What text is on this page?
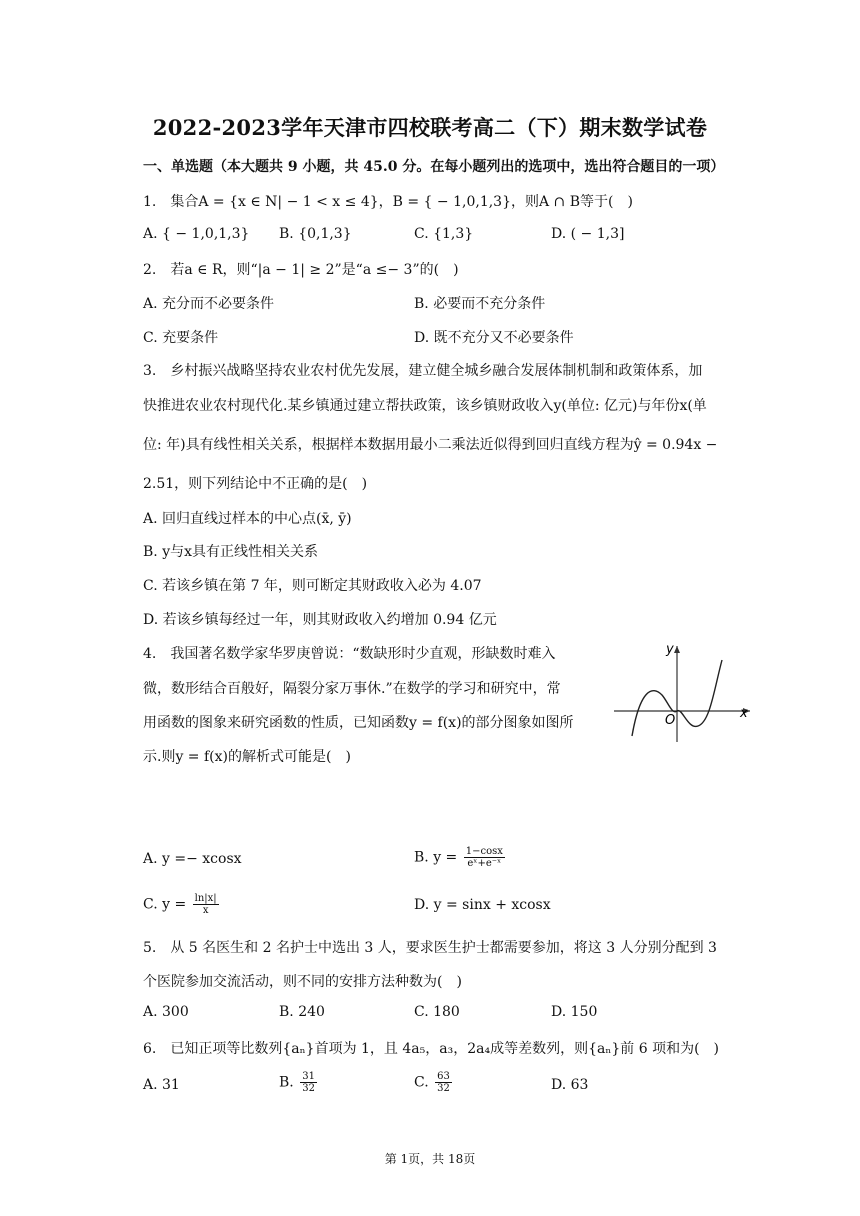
2022-2023学年天津市四校联考高二（下）期末数学试卷
一、单选题（本大题共 9 小题，共 45.0 分。在每小题列出的选项中，选出符合题目的一项）
1.　集合A = {x ∈ N| − 1 < x ≤ 4}，B = { − 1,0,1,3}，则A ∩ B等于(　)
A. { − 1,0,1,3} B. {0,1,3}	C. {1,3}	D. ( − 1,3]
2.　若a ∈ R，则“|a − 1| ≥ 2”是“a ≤− 3”的(　)
A. 充分而不必要条件	B. 必要而不充分条件
C. 充要条件	D. 既不充分又不必要条件
3.　乡村振兴战略坚持农业农村优先发展，建立健全城乡融合发展体制机制和政策体系，加
快推进农业农村现代化.某乡镇通过建立帮扶政策，该乡镇财政收入y(单位: 亿元)与年份x(单
位: 年)具有线性相关关系，根据样本数据用最小二乘法近似得到回归直线方程为ŷ = 0.94x −
2.51，则下列结论中不正确的是(　)
A. 回归直线过样本的中心点(x̄, ȳ)
B. y与x具有正线性相关关系
C. 若该乡镇在第 7 年，则可断定其财政收入必为 4.07
D. 若该乡镇每经过一年，则其财政收入约增加 0.94 亿元
4.　我国著名数学家华罗庚曾说：“数缺形时少直观，形缺数时难入
微，数形结合百般好，隔裂分家万事休.”在数学的学习和研究中，常
用函数的图象来研究函数的性质，已知函数y = f(x)的部分图象如图所
示.则y = f(x)的解析式可能是(　)
y
x
O
A. y =− xcosx	B. $y = \frac{1-\cos x}{\text{eˣ+e⁻ˣ}}$
C. $y = \frac{\ln|x|}{x}$	D. y = sinx + xcosx
5.　从 5 名医生和 2 名护士中选出 3 人，要求医生护士都需要参加，将这 3 人分别分配到 3
个医院参加交流活动，则不同的安排方法种数为(　)
A. 300	B. 240	C. 180	D. 150
6.　已知正项等比数列{aₙ}首项为 1，且 4a₅，a₃，2a₄成等差数列，则{aₙ}前 6 项和为(　)
A. 31	B. $\frac{31}{32}$	C. $\frac{63}{32}$	D. 63
第 1页，共 18页
